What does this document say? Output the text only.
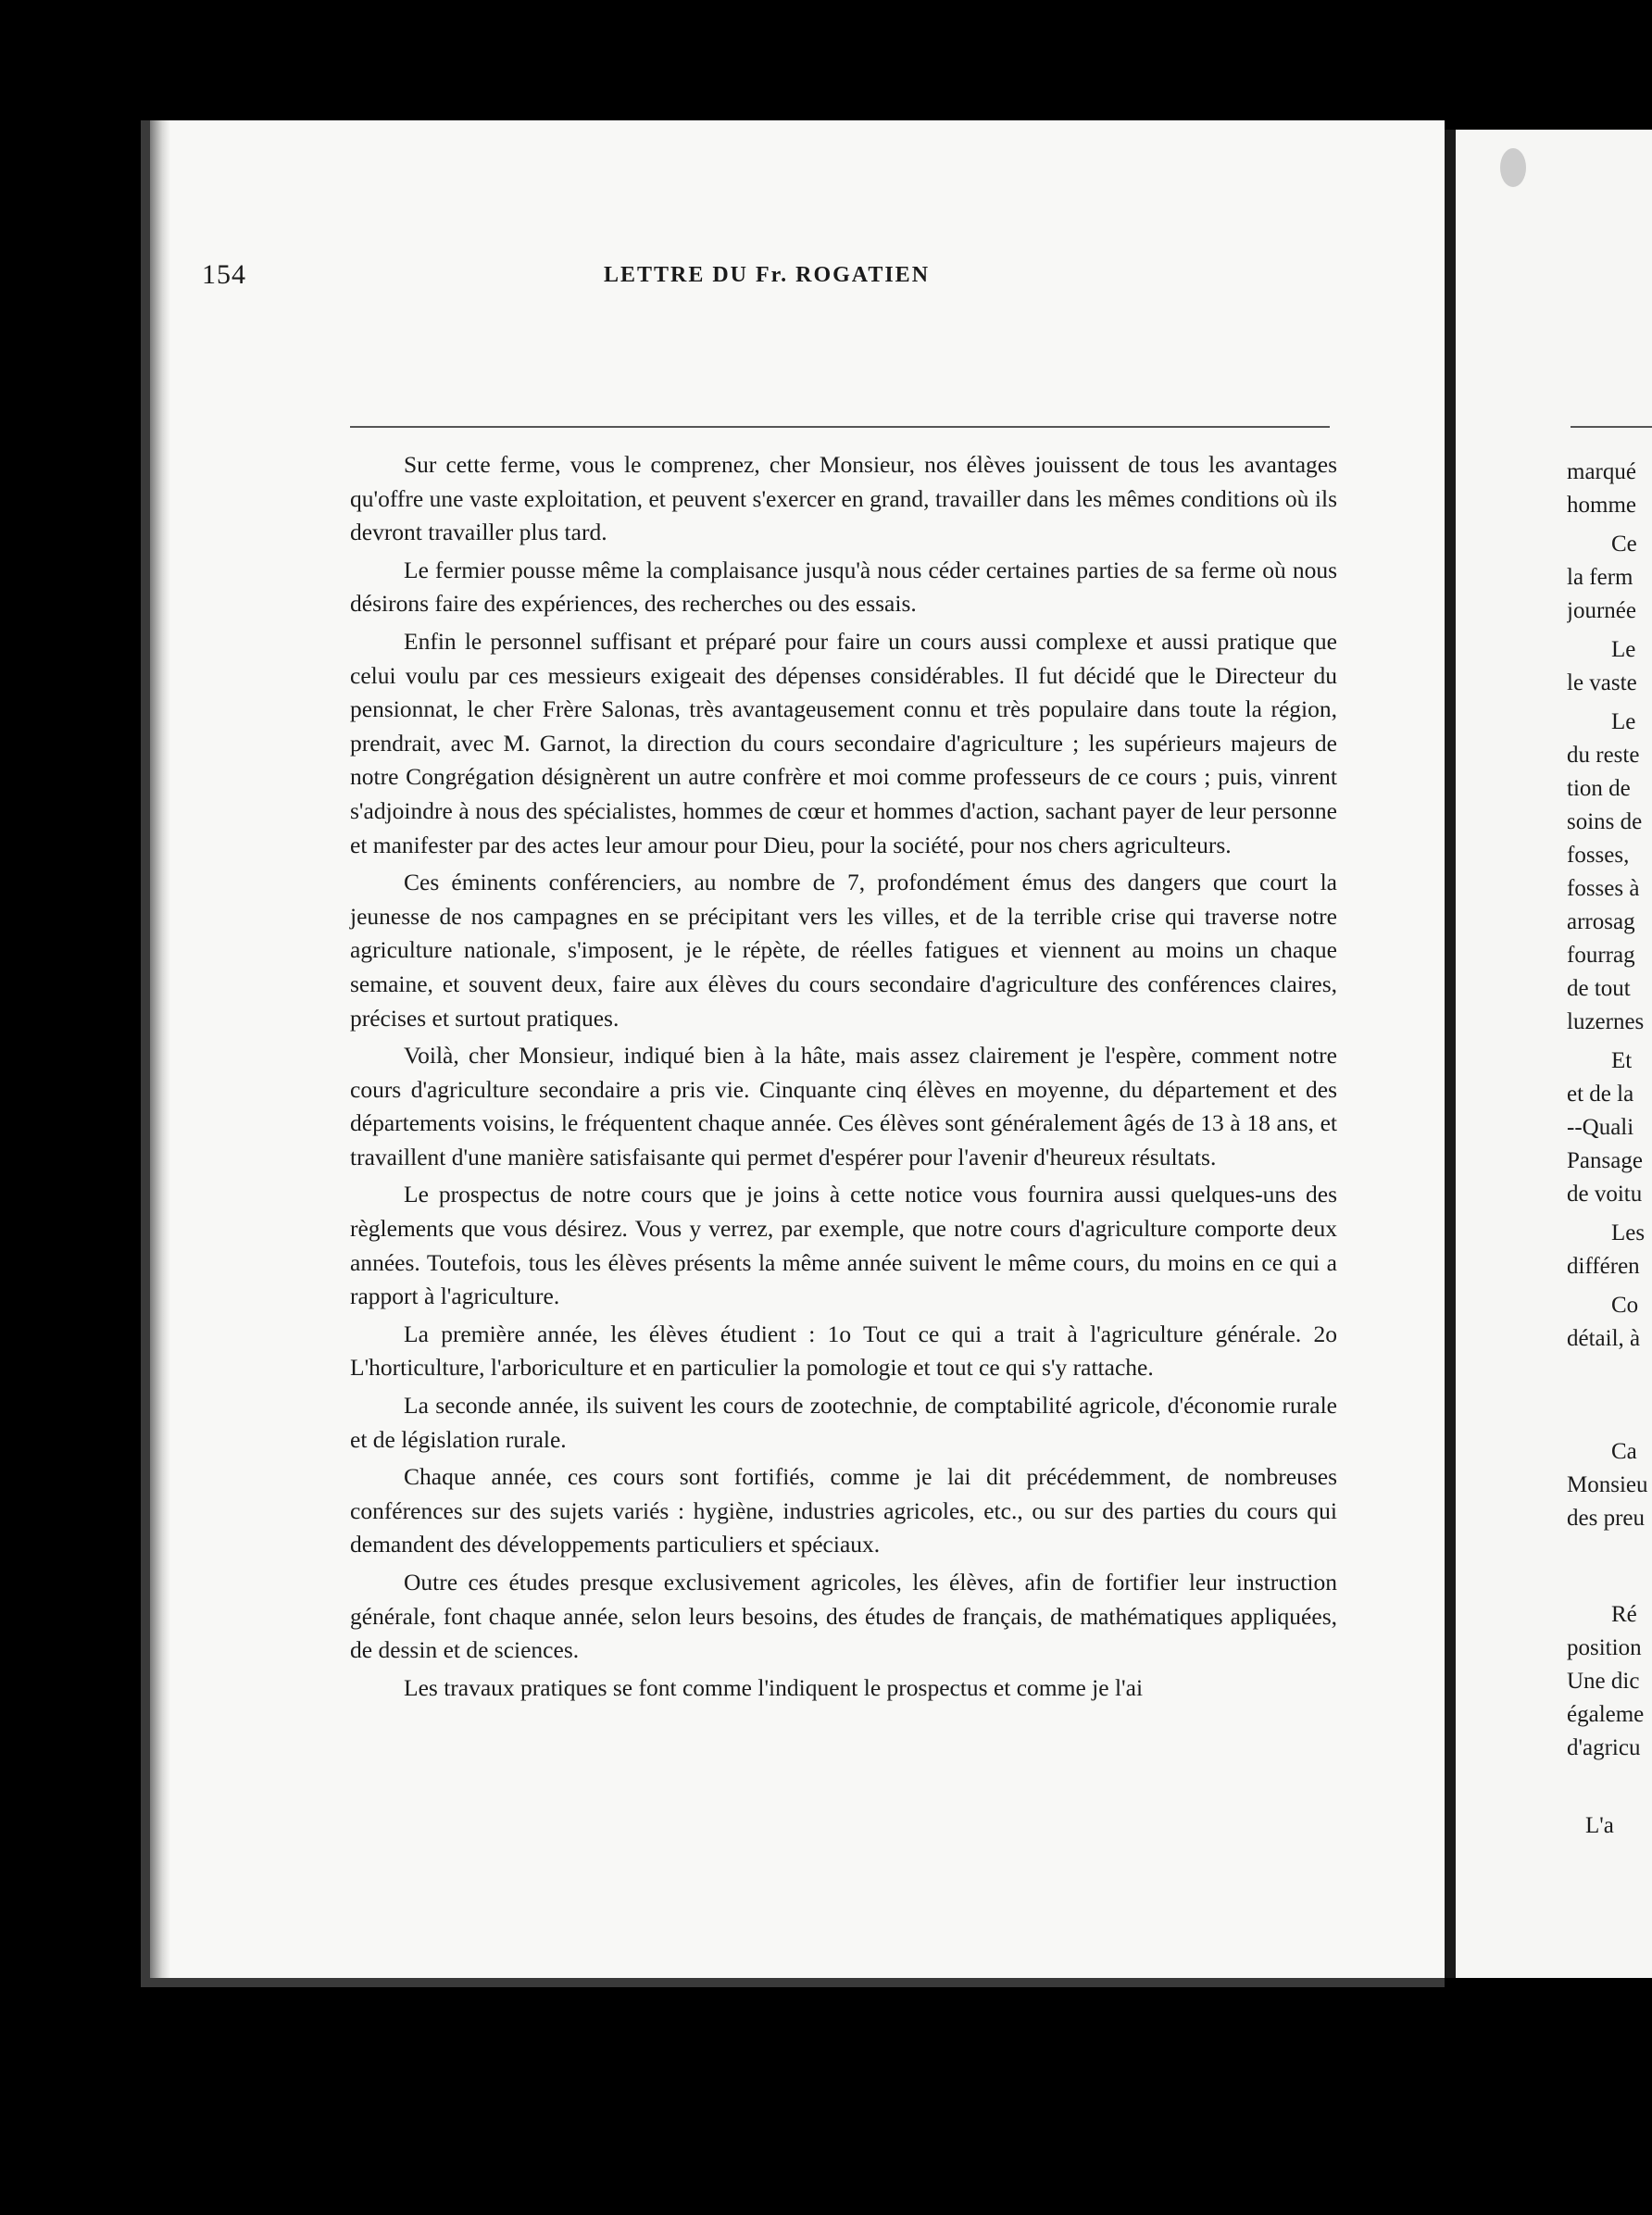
154	LETTRE DU Fr. ROGATIEN

Sur cette ferme, vous le comprenez, cher Monsieur, nos élèves jouissent de tous les avantages qu'offre une vaste exploitation, et peuvent s'exercer en grand, travailler dans les mêmes conditions où ils devront travailler plus tard.

Le fermier pousse même la complaisance jusqu'à nous céder certaines parties de sa ferme où nous désirons faire des expériences, des recherches ou des essais.

Enfin le personnel suffisant et préparé pour faire un cours aussi complexe et aussi pratique que celui voulu par ces messieurs exigeait des dépenses considérables. Il fut décidé que le Directeur du pensionnat, le cher Frère Salonas, très avantageusement connu et très populaire dans toute la région, prendrait, avec M. Garnot, la direction du cours secondaire d'agriculture ; les supérieurs majeurs de notre Congrégation désignèrent un autre confrère et moi comme professeurs de ce cours ; puis, vinrent s'adjoindre à nous des spécialistes, hommes de cœur et hommes d'action, sachant payer de leur personne et manifester par des actes leur amour pour Dieu, pour la société, pour nos chers agriculteurs.

Ces éminents conférenciers, au nombre de 7, profondément émus des dangers que court la jeunesse de nos campagnes en se précipitant vers les villes, et de la terrible crise qui traverse notre agriculture nationale, s'imposent, je le répète, de réelles fatigues et viennent au moins un chaque semaine, et souvent deux, faire aux élèves du cours secondaire d'agriculture des conférences claires, précises et surtout pratiques.

Voilà, cher Monsieur, indiqué bien à la hâte, mais assez clairement je l'espère, comment notre cours d'agriculture secondaire a pris vie. Cinquante cinq élèves en moyenne, du département et des départements voisins, le fréquentent chaque année. Ces élèves sont généralement âgés de 13 à 18 ans, et travaillent d'une manière satisfaisante qui permet d'espérer pour l'avenir d'heureux résultats.

Le prospectus de notre cours que je joins à cette notice vous fournira aussi quelques-uns des règlements que vous désirez. Vous y verrez, par exemple, que notre cours d'agriculture comporte deux années. Toutefois, tous les élèves présents la même année suivent le même cours, du moins en ce qui a rapport à l'agriculture.

La première année, les élèves étudient : 1o Tout ce qui a trait à l'agriculture générale. 2o L'horticulture, l'arboriculture et en particulier la pomologie et tout ce qui s'y rattache.

La seconde année, ils suivent les cours de zootechnie, de comptabilité agricole, d'économie rurale et de législation rurale.

Chaque année, ces cours sont fortifiés, comme je lai dit précédemment, de nombreuses conférences sur des sujets variés : hygiène, industries agricoles, etc., ou sur des parties du cours qui demandent des développements particuliers et spéciaux.

Outre ces études presque exclusivement agricoles, les élèves, afin de fortifier leur instruction générale, font chaque année, selon leurs besoins, des études de français, de mathématiques appliquées, de dessin et de sciences.

Les travaux pratiques se font comme l'indiquent le prospectus et comme je l'ai

marqué
homme
Ce
la ferm
journée
Le
le vaste
Le
du reste
tion de
soins de
fosses,
fosses à
arrosag
fourrag
de tout
luzernes
Et
et de la
--Quali
Pansage
de voitu
Les
différen
Co
détail, à
Ca
Monsieu
des preu
Ré
position
Une dic
égaleme
d'agricu
L'a
